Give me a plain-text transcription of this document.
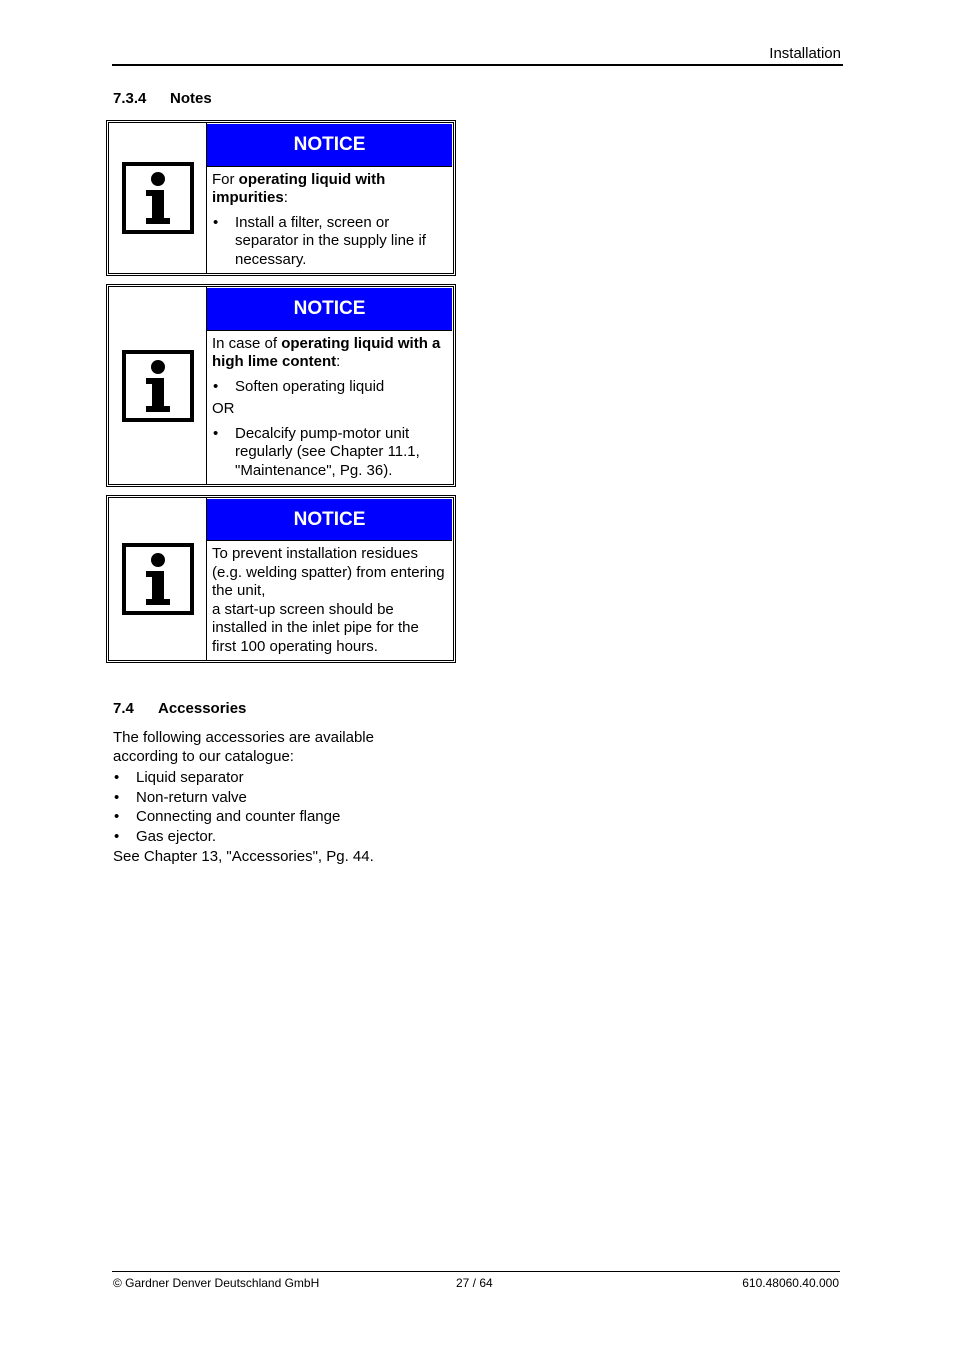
Installation
7.3.4 Notes
NOTICE

For operating liquid with impurities:

• Install a filter, screen or separator in the supply line if necessary.
NOTICE

In case of operating liquid with a high lime content:

• Soften operating liquid

OR

• Decalcify pump-motor unit regularly (see Chapter 11.1, "Maintenance", Pg. 36).
NOTICE

To prevent installation residues (e.g. welding spatter) from entering the unit,

a start-up screen should be installed in the inlet pipe for the first 100 operating hours.

7.4 Accessories

The following accessories are available according to our catalogue:

• Liquid separator
• Non-return valve
• Connecting and counter flange
• Gas ejector.

See Chapter 13, "Accessories", Pg. 44.

© Gardner Denver Deutschland GmbH	27 / 64	610.48060.40.000
